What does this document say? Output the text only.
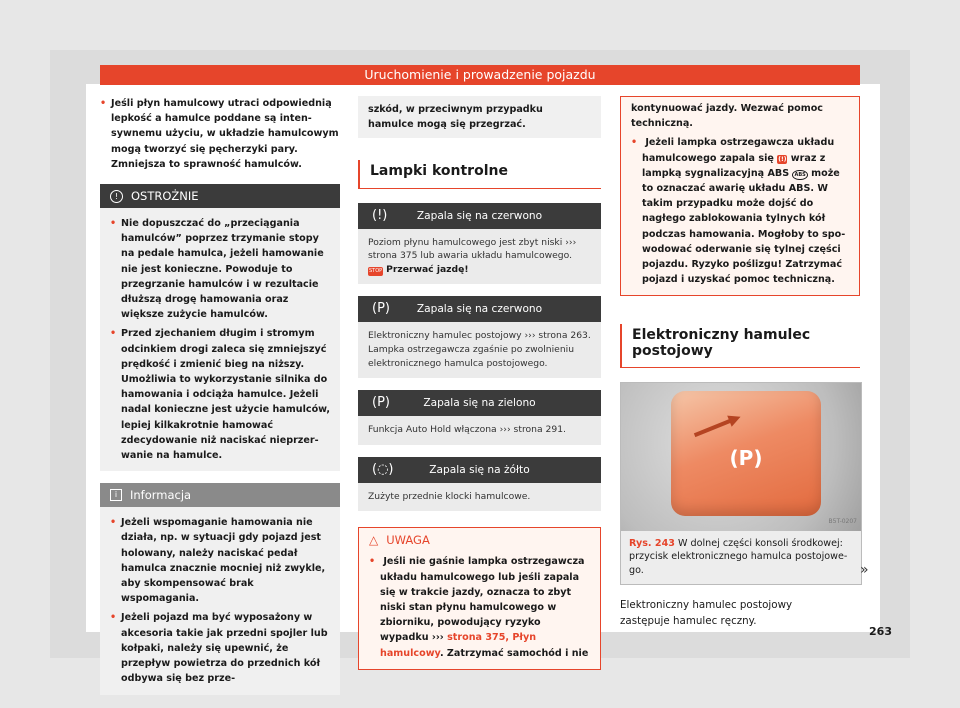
Uruchomienie i prowadzenie pojazdu

• Jeśli płyn hamulcowy utraci odpowiednią lepkość a hamulce poddane są intensywnemu użyciu, w układzie hamulcowym mogą tworzyć się pęcherzyki pary. Zmniejsza to sprawność hamulców.

!	OSTROŻNIE

• Nie dopuszczać do „przeciągania hamulców” poprzez trzymanie stopy na pedale hamulca, jeżeli hamowanie nie jest konieczne. Powoduje to przegrzanie hamulców i w rezultacie dłuższą drogę hamowania oraz większe zużycie hamulców.

• Przed zjechaniem długim i stromym odcinkiem drogi zaleca się zmniejszyć prędkość i zmienić bieg na niższy. Umożliwia to wykorzystanie silnika do hamowania i odciąża hamulce. Jeżeli nadal konieczne jest użycie hamulców, lepiej kilkakrotnie hamować zdecydowanie niż naciskać nieprzerwanie na hamulce.

i	Informacja

• Jeżeli wspomaganie hamowania nie działa, np. w sytuacji gdy pojazd jest holowany, należy naciskać pedał hamulca znacznie mocniej niż zwykle, aby skompensować brak wspomagania.

• Jeżeli pojazd ma być wyposażony w akcesoria takie jak przedni spojler lub kołpaki, należy się upewnić, że przepływ powietrza do przednich kół odbywa się bez prze-

szkód, w przeciwnym przypadku hamulce mogą się przegrzać.
Lampki kontrolne
(!)	Zapala się na czerwono
Poziom płynu hamulcowego jest zbyt niski ››› strona 375 lub awaria układu hamulcowego.
STOP Przerwać jazdę!
(P)	Zapala się na czerwono
Elektroniczny hamulec postojowy ››› strona 263. Lampka ostrzegawcza zgaśnie po zwolnieniu elektronicznego hamulca postojowego.
(P)	Zapala się na zielono
Funkcja Auto Hold włączona ››› strona 291.
(◌)	Zapala się na żółto
Zużyte przednie klocki hamulcowe.
△ UWAGA

• Jeśli nie gaśnie lampka ostrzegawcza układu hamulcowego lub jeśli zapala się w trakcie jazdy, oznacza to zbyt niski stan płynu hamulcowego w zbiorniku, powodujący ryzyko wypadku ››› strona 375, Płyn hamulcowy. Zatrzymać samochód i nie

kontynuować jazdy. Wezwać pomoc techniczną.

• Jeżeli lampka ostrzegawcza układu hamulcowego zapala się (!) wraz z lampką sygnalizacyjną ABS ABS może to oznaczać awarię układu ABS. W takim przypadku może dojść do nagłego zablokowania tylnych kół podczas hamowania. Mogłoby to spowodować oderwanie się tylnej części pojazdu. Ryzyko poślizgu! Zatrzymać pojazd i uzyskać pomoc techniczną.

Elektroniczny hamulec postojowy
(P)
B5T-0207
Rys. 243 W dolnej części konsoli środkowej: przycisk elektronicznego hamulca postojowego.

Elektroniczny hamulec postojowy zastępuje hamulec ręczny.

»
263
